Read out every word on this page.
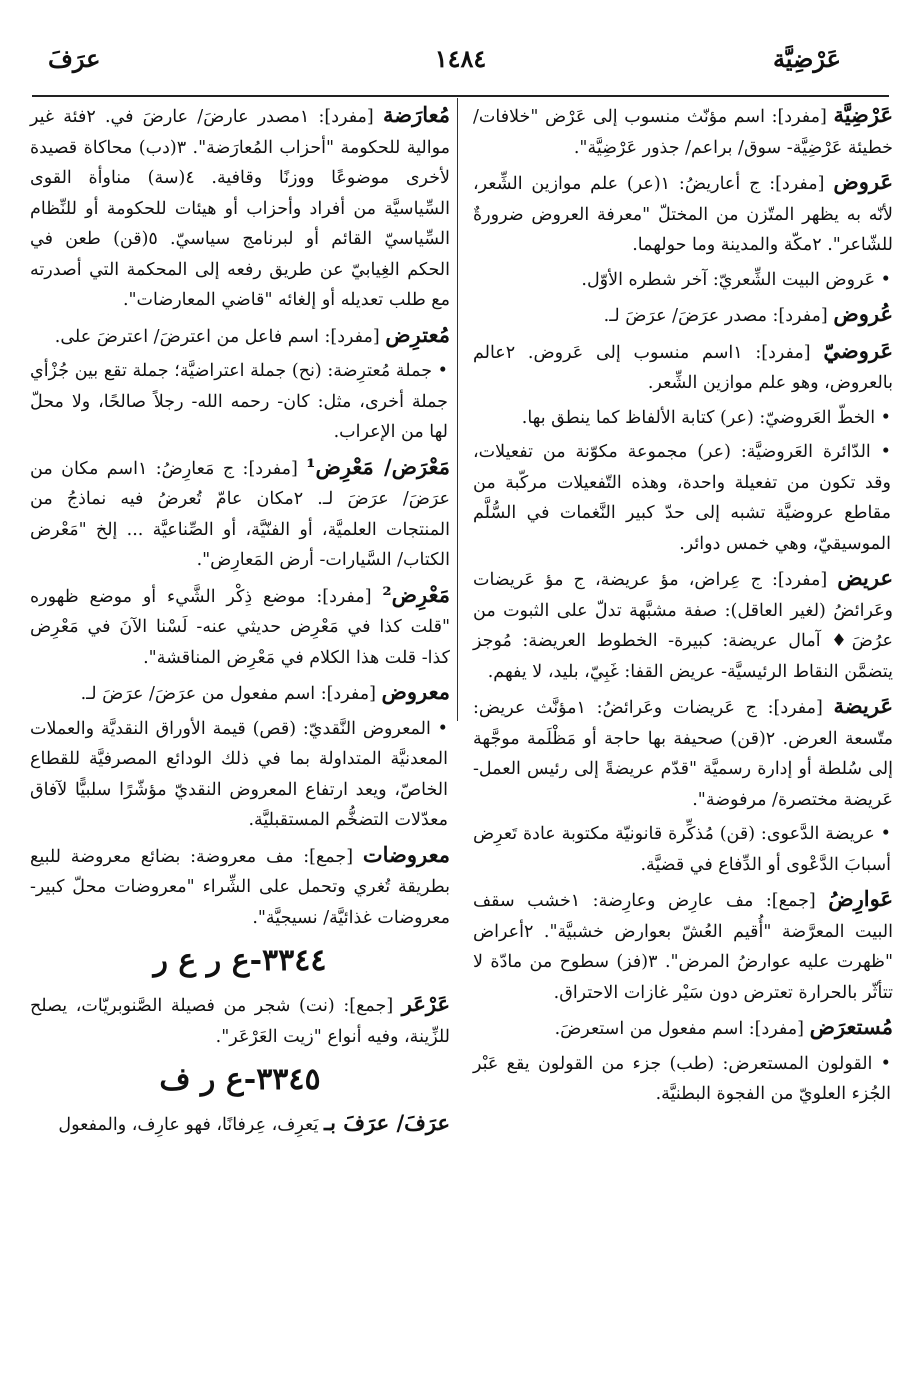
عَرْضِيَّة
١٤٨٤
عرَفَ

عَرْضِيَّة [مفرد]: اسم مؤنّث منسوب إلى عَرْض "خلافات/ خطيئة عَرْضِيَّة- سوق/ براعم/ جذور عَرْضِيَّة".

عَروض [مفرد]: ج أعاريضُ: ١(عر) علم موازين الشِّعر، لأنّه به يظهر المتّزن من المختلّ "معرفة العروض ضرورةٌ للشّاعر". ٢مكّة والمدينة وما حولهما.

• عَروض البيت الشِّعريّ: آخر شطره الأوّل.

عُروض [مفرد]: مصدر عرَضَ/ عرَضَ لـ.

عَروضيّ [مفرد]: ١اسم منسوب إلى عَروض. ٢عالم بالعروض، وهو علم موازين الشِّعر.

• الخطّ العَروضيّ: (عر) كتابة الألفاظ كما ينطق بها.

• الدّائرة العَروضيَّة: (عر) مجموعة مكوّنة من تفعيلات، وقد تكون من تفعيلة واحدة، وهذه التّفعيلات مركّبة من مقاطع عروضيَّة تشبه إلى حدّ كبير النَّغمات في السُّلَّم الموسيقيّ، وهي خمس دوائر.

عريض [مفرد]: ج عِراض، مؤ عريضة، ج مؤ عَريضات وعَرائضُ (لغير العاقل): صفة مشبَّهة تدلّ على الثبوت من عرُضَ♦ آمال عريضة: كبيرة- الخطوط العريضة: مُوجز يتضمَّن النقاط الرئيسيَّة- عريض القفا: غَبِيّ، بليد، لا يفهم.

عَريضة [مفرد]: ج عَريضات وعَرائضُ: ١مؤنَّث عريض: متّسعة العرض. ٢(قن) صحيفة بها حاجة أو مَظْلَمة موجَّهة إلى سُلطة أو إدارة رسميَّة "قدّم عريضةً إلى رئيس العمل- عَريضة مختصرة/ مرفوضة".

• عريضة الدَّعوى: (قن) مُذكِّرة قانونيّة مكتوبة عادة تَعرِض أسبابَ الدَّعْوى أو الدِّفاع في قضيَّة.

عَوارِضُ [جمع]: مف عارِض وعارِضة: ١خشب سقف البيت المعرَّضة "أُقيم العُشّ بعوارض خشبيَّة". ٢أعراض "ظهرت عليه عوارضُ المرض". ٣(فز) سطوح من مادّة لا تتأثّر بالحرارة تعترض دون سَيْر غازات الاحتراق.

مُستعرَض [مفرد]: اسم مفعول من استعرضَ.

• القولون المستعرض: (طب) جزء من القولون يقع عَبْر الجُزء العلويّ من الفجوة البطنيَّة.

مُعارَضة [مفرد]: ١مصدر عارضَ/ عارضَ في. ٢فئة غير موالية للحكومة "أحزاب المُعارَضة". ٣(دب) محاكاة قصيدة لأخرى موضوعًا ووزنًا وقافية. ٤(سة) مناوأة القوى السِّياسيَّة من أفراد وأحزاب أو هيئات للحكومة أو للنِّظام السِّياسيّ القائم أو لبرنامج سياسيّ. ٥(قن) طعن في الحكم الغِيابيّ عن طريق رفعه إلى المحكمة التي أصدرته مع طلب تعديله أو إلغائه "قاضي المعارضات".

مُعترِض [مفرد]: اسم فاعل من اعترضَ/ اعترضَ على.

• جملة مُعترِضة: (نح) جملة اعتراضيَّة؛ جملة تقع بين جُزْأي جملة أخرى، مثل: كان- رحمه الله- رجلاً صالحًا، ولا محلّ لها من الإعراب.

مَعْرَض/ مَعْرِض¹ [مفرد]: ج مَعارِضُ: ١اسم مكان من عرَضَ/ عرَضَ لـ. ٢مكان عامّ تُعرضُ فيه نماذجُ من المنتجات العلميَّة، أو الفنّيَّة، أو الصِّناعيَّة ... إلخ "مَعْرض الكتاب/ السَّيارات- أرض المَعارِض".

مَعْرِض² [مفرد]: موضع ذِكْر الشَّيء أو موضع ظهوره "قلت كذا في مَعْرِض حديثي عنه- لَسْنا الآنَ في مَعْرِض كذا- قلت هذا الكلام في مَعْرِض المناقشة".

معروض [مفرد]: اسم مفعول من عرَضَ/ عرَضَ لـ.

• المعروض النَّقديّ: (قص) قيمة الأوراق النقديَّة والعملات المعدنيَّة المتداولة بما في ذلك الودائع المصرفيَّة للقطاع الخاصّ، ويعد ارتفاع المعروض النقديّ مؤشّرًا سلبيًّا لآفاق معدّلات التضخُّم المستقبليَّة.

معروضات [جمع]: مف معروضة: بضائع معروضة للبيع بطريقة تُغري وتحمل على الشِّراء "معروضات محلّ كبير- معروضات غذائيَّة/ نسيجيَّة".

٣٣٤٤-ع ر ع ر

عَرْعَر [جمع]: (نت) شجر من فصيلة الصَّنوبريّات، يصلح للزِّينة، وفيه أنواع "زيت العَرْعَر".

٣٣٤٥-ع ر ف

عرَفَ/ عرَفَ بـ يَعرِف، عِرفانًا، فهو عارِف، والمفعول
